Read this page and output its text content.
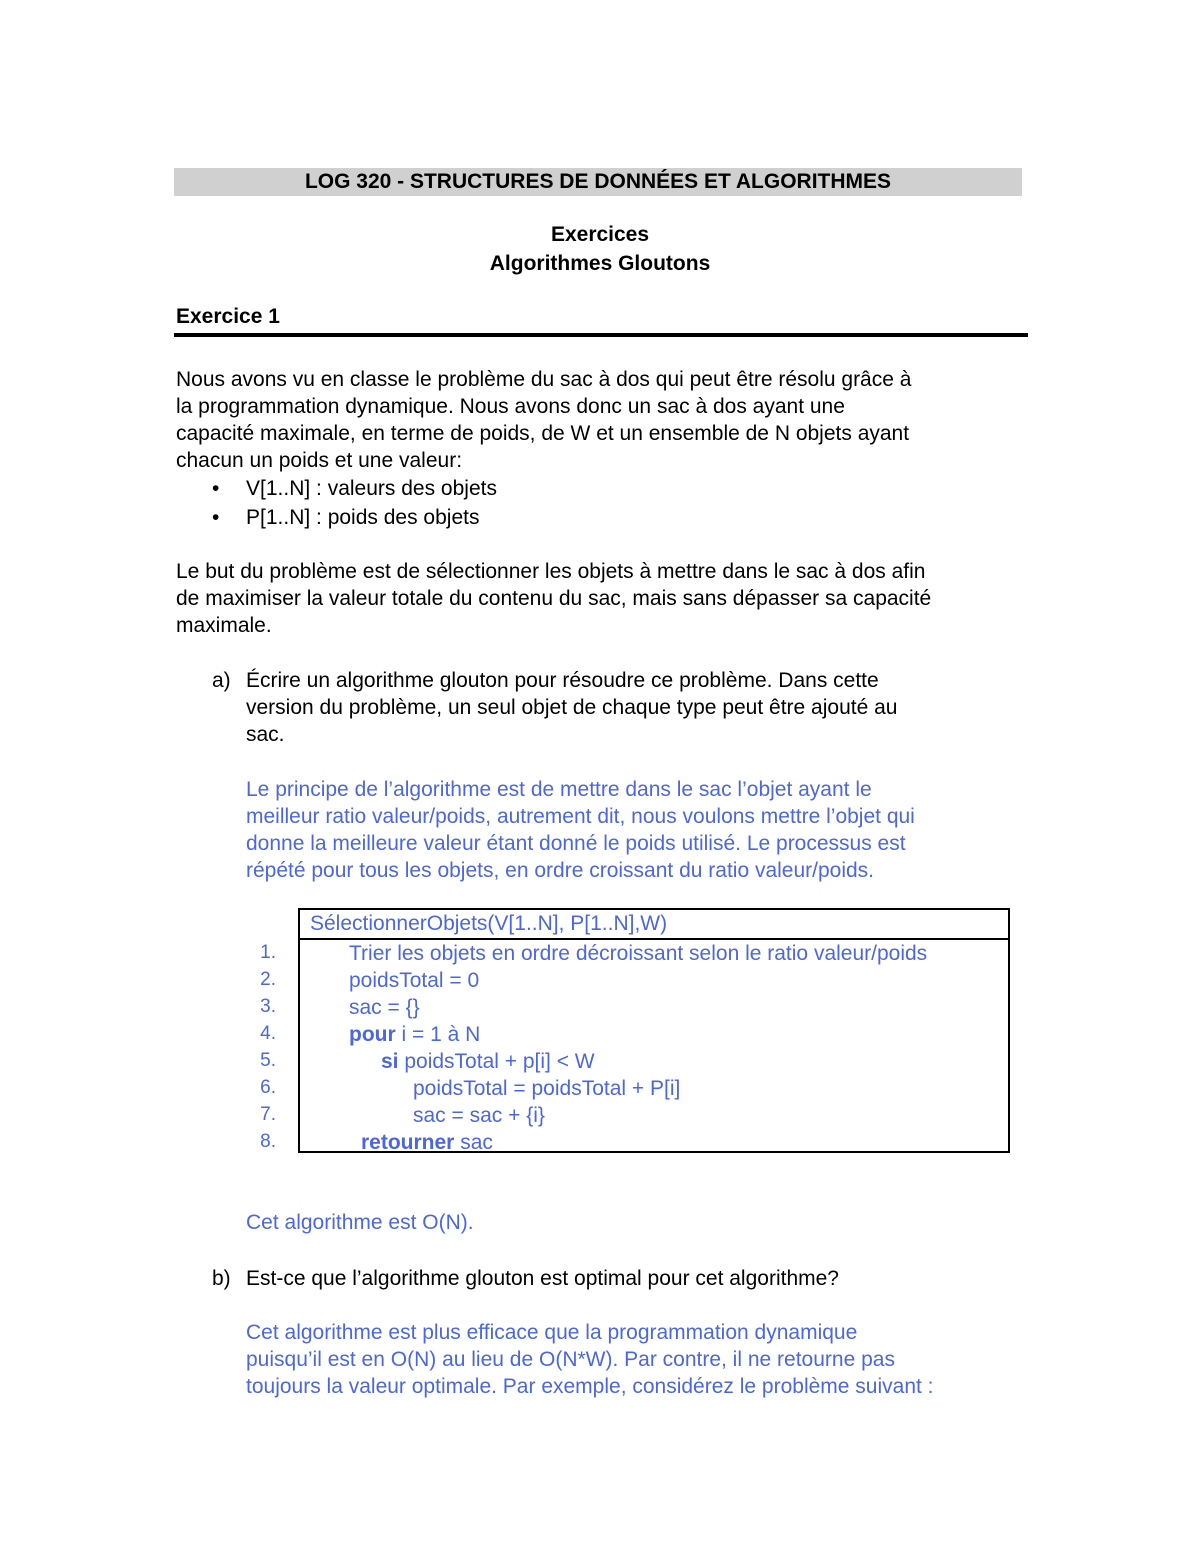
LOG 320 - STRUCTURES DE DONNÉES ET ALGORITHMES
Exercices
Algorithmes Gloutons
Exercice 1
Nous avons vu en classe le problème du sac à dos qui peut être résolu grâce à
la programmation dynamique. Nous avons donc un sac à dos ayant une
capacité maximale, en terme de poids, de W et un ensemble de N objets ayant
chacun un poids et une valeur:
• V[1..N] : valeurs des objets
• P[1..N] : poids des objets
Le but du problème est de sélectionner les objets à mettre dans le sac à dos afin
de maximiser la valeur totale du contenu du sac, mais sans dépasser sa capacité
maximale.
a) Écrire un algorithme glouton pour résoudre ce problème. Dans cette
version du problème, un seul objet de chaque type peut être ajouté au
sac.
Le principe de l’algorithme est de mettre dans le sac l’objet ayant le
meilleur ratio valeur/poids, autrement dit, nous voulons mettre l’objet qui
donne la meilleure valeur étant donné le poids utilisé. Le processus est
répété pour tous les objets, en ordre croissant du ratio valeur/poids.
1.
2.
3.
4.
5.
6.
7.
8.
SélectionnerObjets(V[1..N], P[1..N],W)
Trier les objets en ordre décroissant selon le ratio valeur/poids
poidsTotal = 0
sac = {}
pour i = 1 à N
si poidsTotal + p[i] < W
poidsTotal = poidsTotal + P[i]
sac = sac + {i}
retourner sac
Cet algorithme est O(N).
b) Est-ce que l’algorithme glouton est optimal pour cet algorithme?
Cet algorithme est plus efficace que la programmation dynamique
puisqu’il est en O(N) au lieu de O(N*W). Par contre, il ne retourne pas
toujours la valeur optimale. Par exemple, considérez le problème suivant :
